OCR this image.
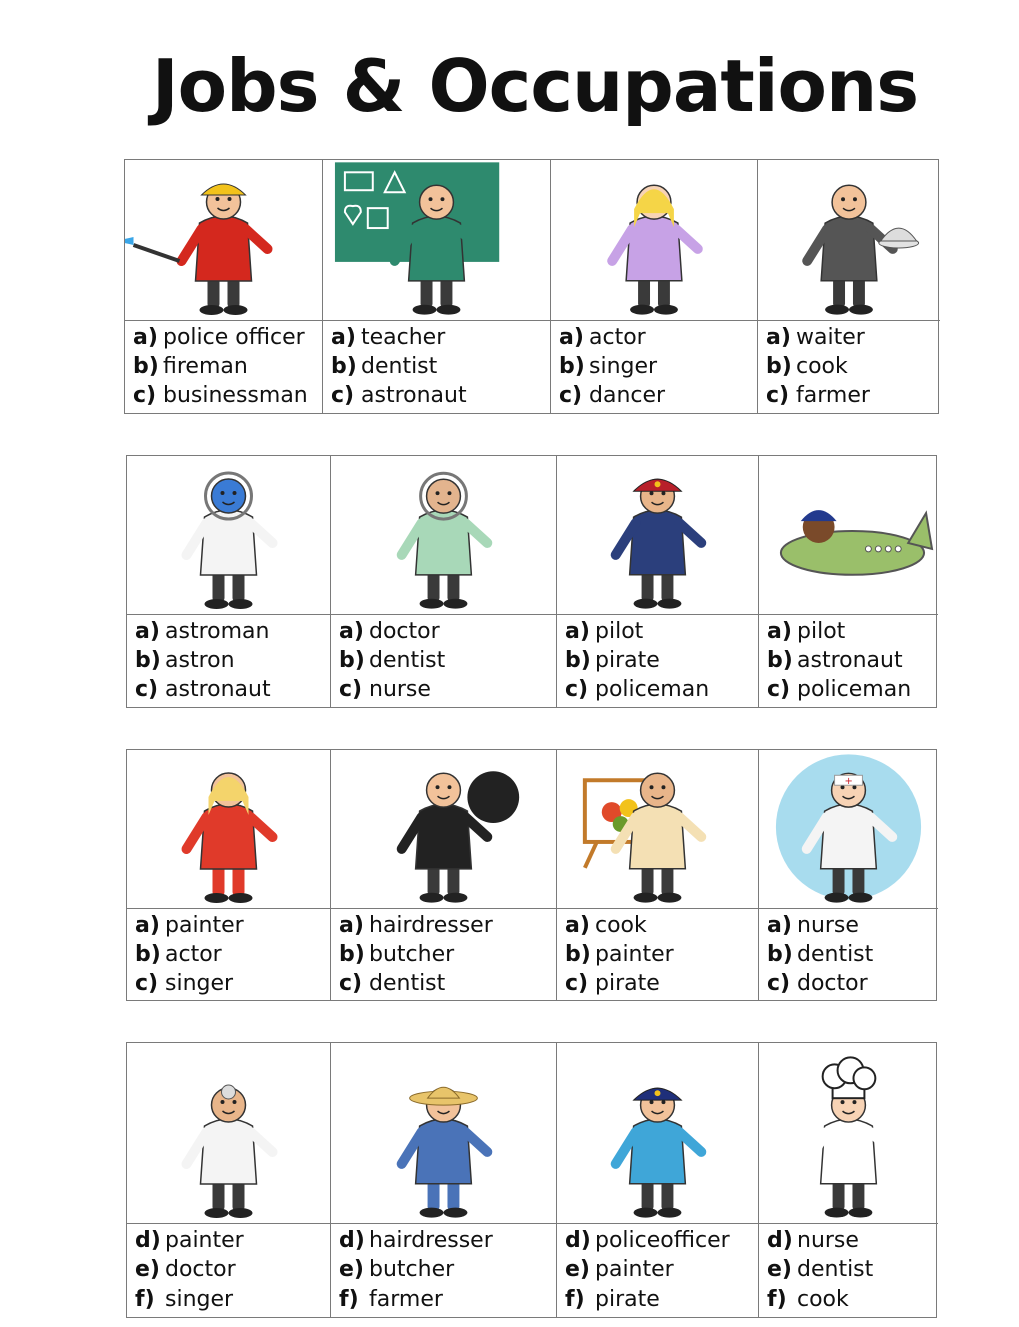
Jobs & Occupations
a) police officer
b) fireman
c) businessman
a) teacher
b) dentist
c) astronaut
a) actor
b) singer
c) dancer
a) waiter
b) cook
c) farmer
a) astroman
b) astron
c) astronaut
a) doctor
b) dentist
c) nurse
a) pilot
b) pirate
c) policeman
a) pilot
b) astronaut
c) policeman
a) painter
b) actor
c) singer
a) hairdresser
b) butcher
c) dentist
a) cook
b) painter
c) pirate
+
a) nurse
b) dentist
c) doctor
d) painter
e) doctor
f) singer
d) hairdresser
e) butcher
f) farmer
d) policeofficer
e) painter
f) pirate
d) nurse
e) dentist
f) cook
